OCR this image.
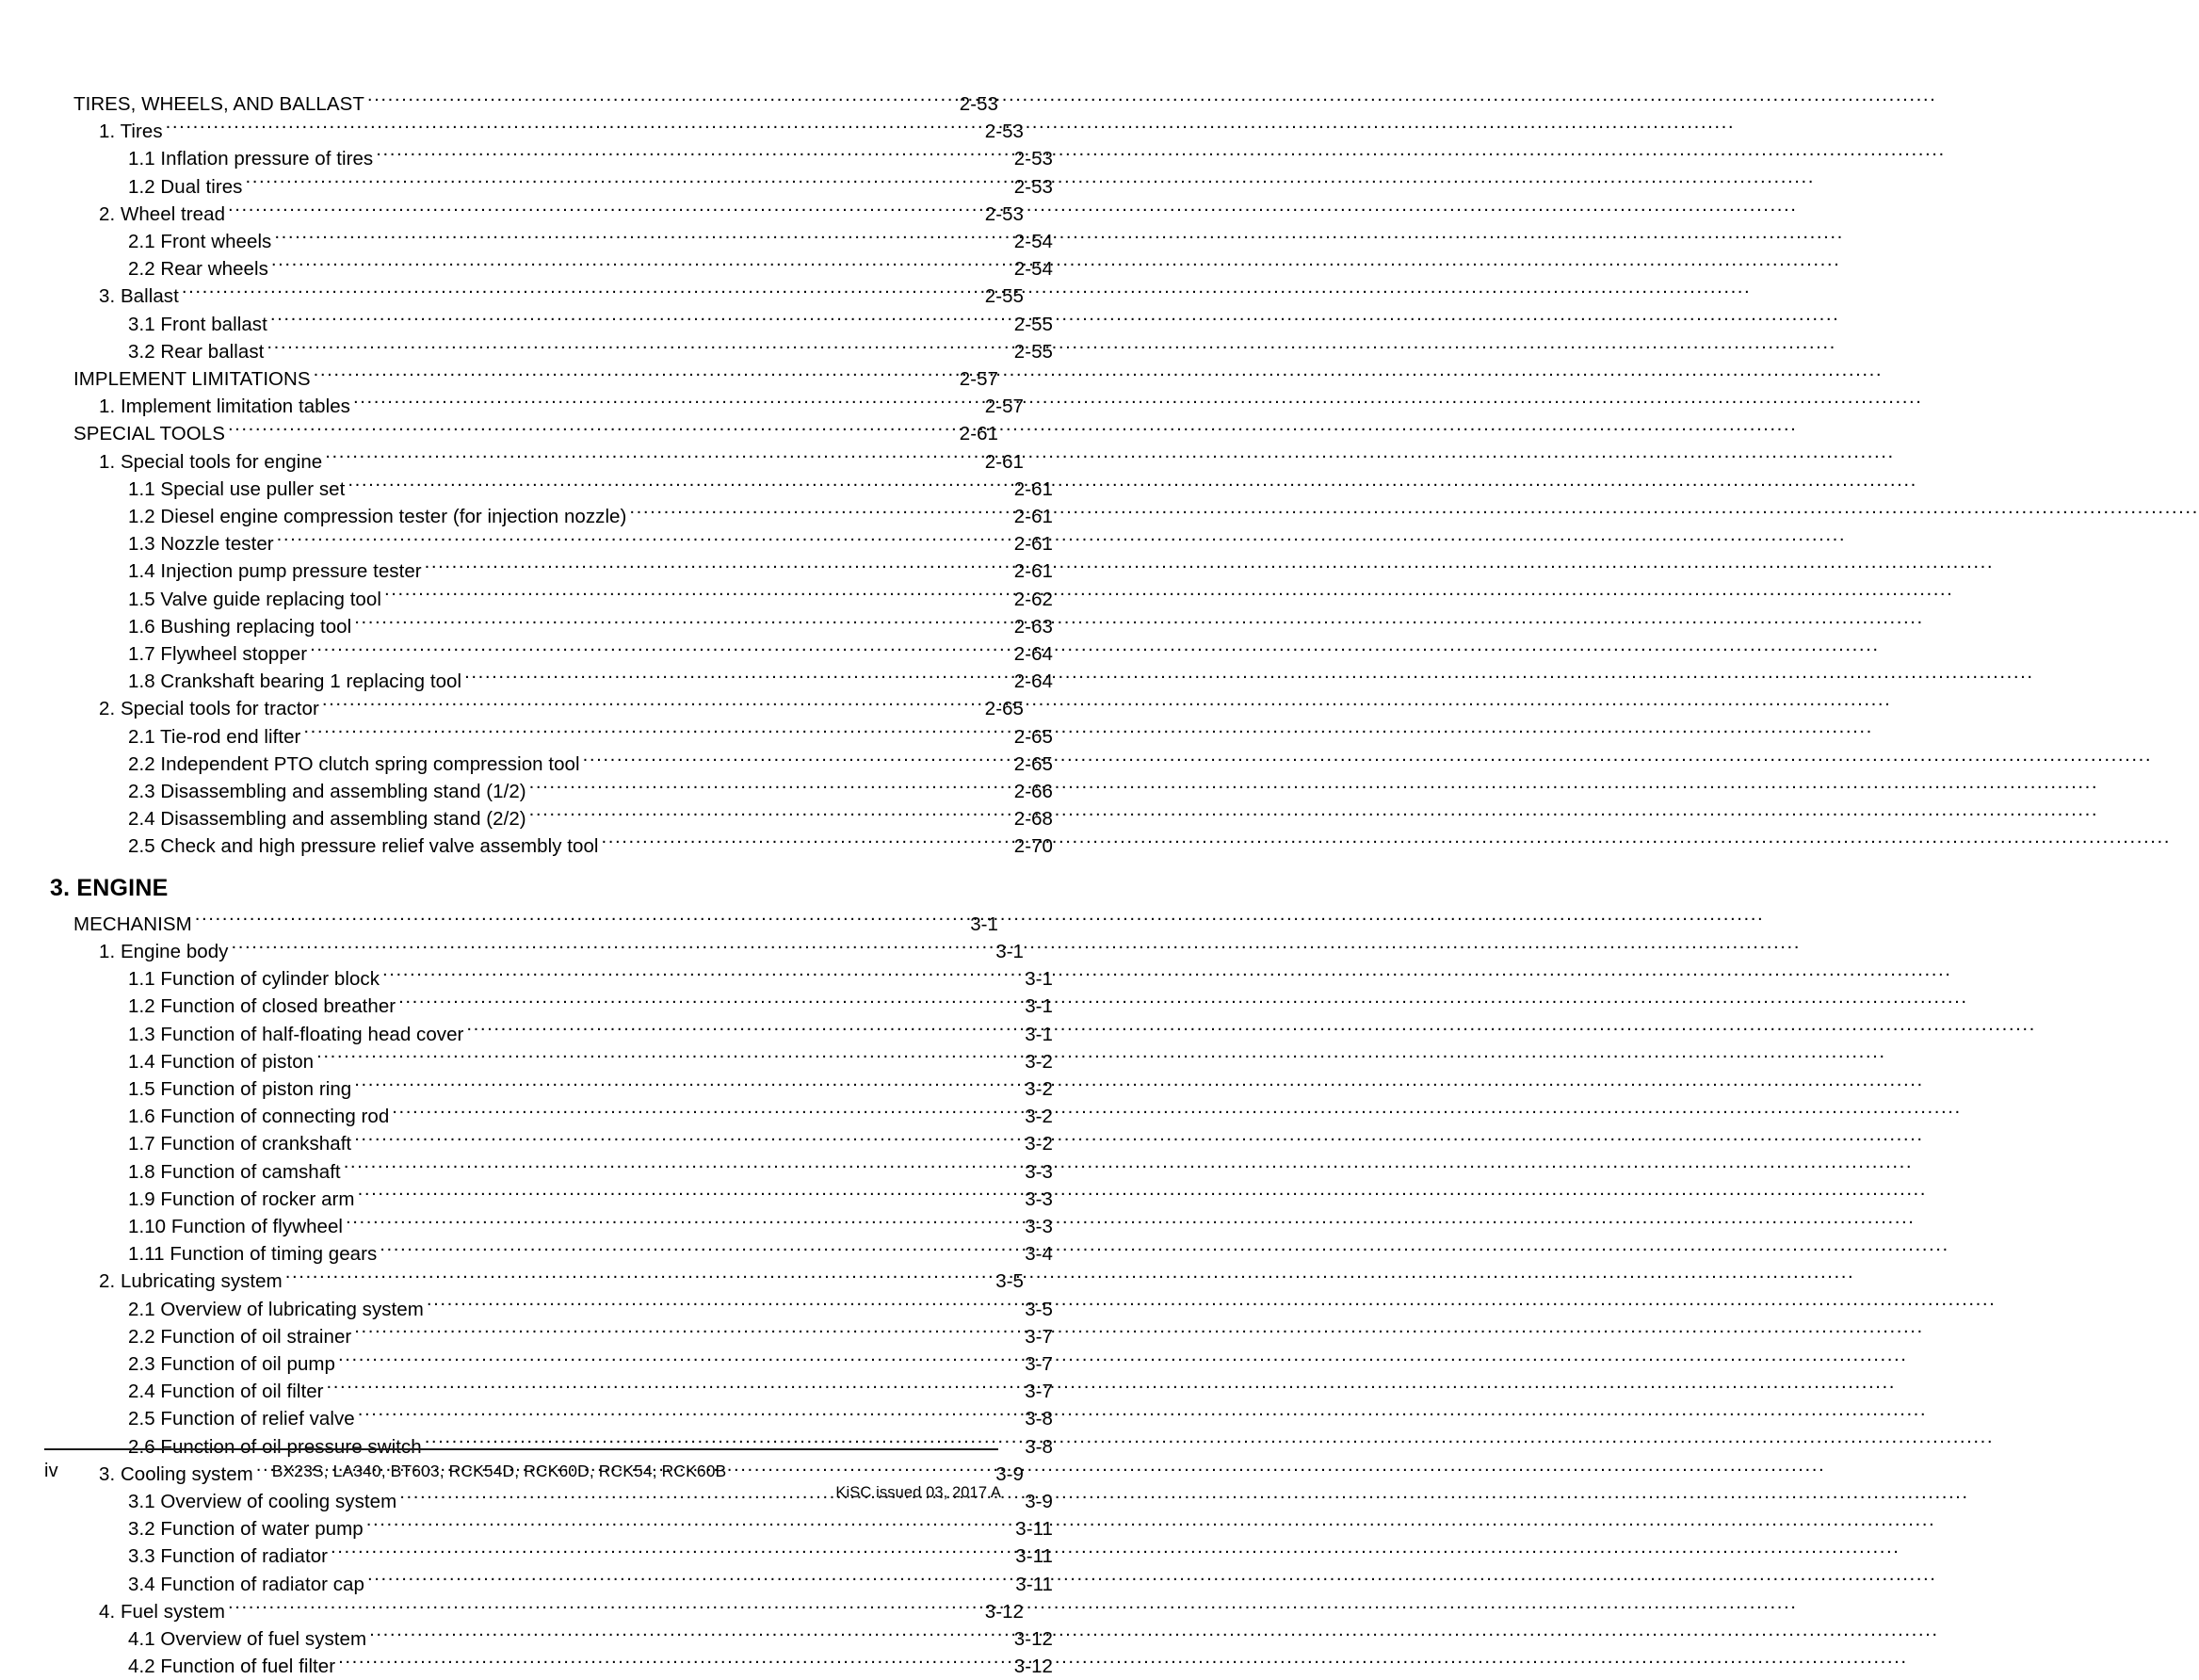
TIRES, WHEELS, AND BALLAST .....	2-53
1. Tires .....	2-53
1.1 Inflation pressure of tires .....	2-53
1.2 Dual tires .....	2-53
2. Wheel tread .....	2-53
2.1 Front wheels .....	2-54
2.2 Rear wheels .....	2-54
3. Ballast .....	2-55
3.1 Front ballast .....	2-55
3.2 Rear ballast .....	2-55
IMPLEMENT LIMITATIONS .....	2-57
1. Implement limitation tables .....	2-57
SPECIAL TOOLS .....	2-61
1. Special tools for engine .....	2-61
1.1 Special use puller set .....	2-61
1.2 Diesel engine compression tester (for injection nozzle) .....	2-61
1.3 Nozzle tester .....	2-61
1.4 Injection pump pressure tester .....	2-61
1.5 Valve guide replacing tool .....	2-62
1.6 Bushing replacing tool .....	2-63
1.7 Flywheel stopper .....	2-64
1.8 Crankshaft bearing 1 replacing tool .....	2-64
2. Special tools for tractor .....	2-65
2.1 Tie-rod end lifter .....	2-65
2.2 Independent PTO clutch spring compression tool .....	2-65
2.3 Disassembling and assembling stand (1/2) .....	2-66
2.4 Disassembling and assembling stand (2/2) .....	2-68
2.5 Check and high pressure relief valve assembly tool .....	2-70
3. ENGINE
MECHANISM .....	3-1
1. Engine body .....	3-1
1.1 Function of cylinder block .....	3-1
1.2 Function of closed breather .....	3-1
1.3 Function of half-floating head cover .....	3-1
1.4 Function of piston .....	3-2
1.5 Function of piston ring .....	3-2
1.6 Function of connecting rod .....	3-2
1.7 Function of crankshaft .....	3-2
1.8 Function of camshaft .....	3-3
1.9 Function of rocker arm .....	3-3
1.10 Function of flywheel .....	3-3
1.11 Function of timing gears .....	3-4
2. Lubricating system .....	3-5
2.1 Overview of lubricating system .....	3-5
2.2 Function of oil strainer .....	3-7
2.3 Function of oil pump .....	3-7
2.4 Function of oil filter .....	3-7
2.5 Function of relief valve .....	3-8
2.6 Function of oil pressure switch .....	3-8
3. Cooling system .....	3-9
3.1 Overview of cooling system .....	3-9
3.2 Function of water pump .....	3-11
3.3 Function of radiator .....	3-11
3.4 Function of radiator cap .....	3-11
4. Fuel system .....	3-12
4.1 Overview of fuel system .....	3-12
4.2 Function of fuel filter .....	3-12
iv	BX23S, LA340, BT603, RCK54D, RCK60D, RCK54, RCK60B
KiSC issued 03, 2017 A
